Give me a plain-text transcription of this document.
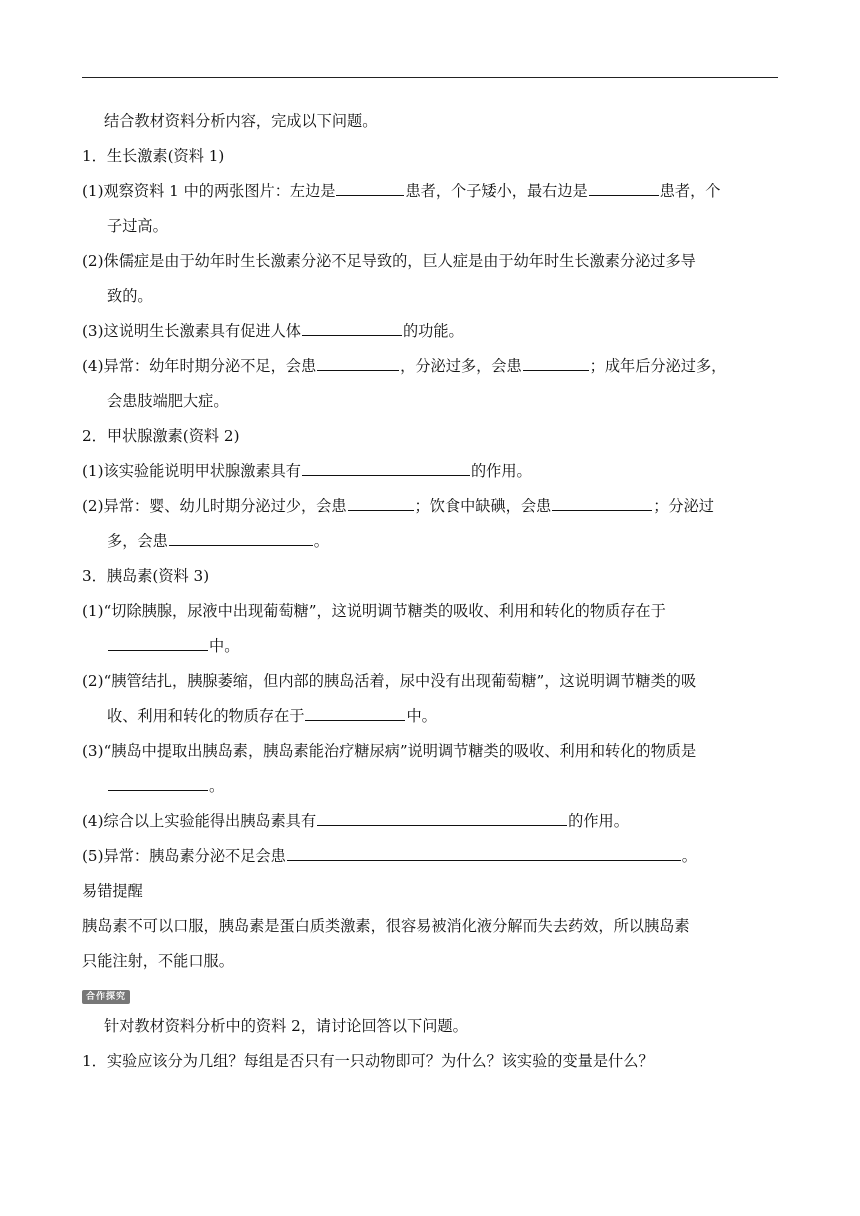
结合教材资料分析内容，完成以下问题。
1．生长激素(资料 1)
(1)观察资料 1 中的两张图片：左边是	患者，个子矮小，最右边是	患者，个
子过高。
(2)侏儒症是由于幼年时生长激素分泌不足导致的，巨人症是由于幼年时生长激素分泌过多导
致的。
(3)这说明生长激素具有促进人体	的功能。
(4)异常：幼年时期分泌不足，会患	，分泌过多，会患	；成年后分泌过多，
会患肢端肥大症。
2．甲状腺激素(资料 2)
(1)该实验能说明甲状腺激素具有	的作用。
(2)异常：婴、幼儿时期分泌过少，会患	；饮食中缺碘，会患	；分泌过
多，会患	。
3．胰岛素(资料 3)
(1)“切除胰腺，尿液中出现葡萄糖”，这说明调节糖类的吸收、利用和转化的物质存在于
中。
(2)“胰管结扎，胰腺萎缩，但内部的胰岛活着，尿中没有出现葡萄糖”，这说明调节糖类的吸
收、利用和转化的物质存在于	中。
(3)“胰岛中提取出胰岛素，胰岛素能治疗糖尿病”说明调节糖类的吸收、利用和转化的物质是
。
(4)综合以上实验能得出胰岛素具有	的作用。
(5)异常：胰岛素分泌不足会患	。
易错提醒
胰岛素不可以口服，胰岛素是蛋白质类激素，很容易被消化液分解而失去药效，所以胰岛素
只能注射，不能口服。
合作探究
针对教材资料分析中的资料 2，请讨论回答以下问题。
1．实验应该分为几组？每组是否只有一只动物即可？为什么？该实验的变量是什么？
